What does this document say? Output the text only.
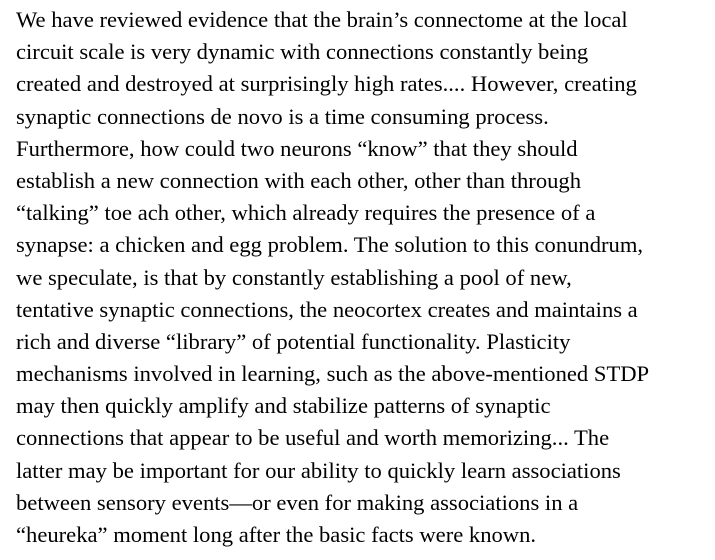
We have reviewed evidence that the brain’s connectome at the local
circuit scale is very dynamic with connections constantly being
created and destroyed at surprisingly high rates.... However, creating
synaptic connections de novo is a time consuming process.
Furthermore, how could two neurons “know” that they should
establish a new connection with each other, other than through
“talking” toe ach other, which already requires the presence of a
synapse: a chicken and egg problem. The solution to this conundrum,
we speculate, is that by constantly establishing a pool of new,
tentative synaptic connections, the neocortex creates and maintains a
rich and diverse “library” of potential functionality. Plasticity
mechanisms involved in learning, such as the above-mentioned STDP
may then quickly amplify and stabilize patterns of synaptic
connections that appear to be useful and worth memorizing... The
latter may be important for our ability to quickly learn associations
between sensory events—or even for making associations in a
“heureka” moment long after the basic facts were known.
